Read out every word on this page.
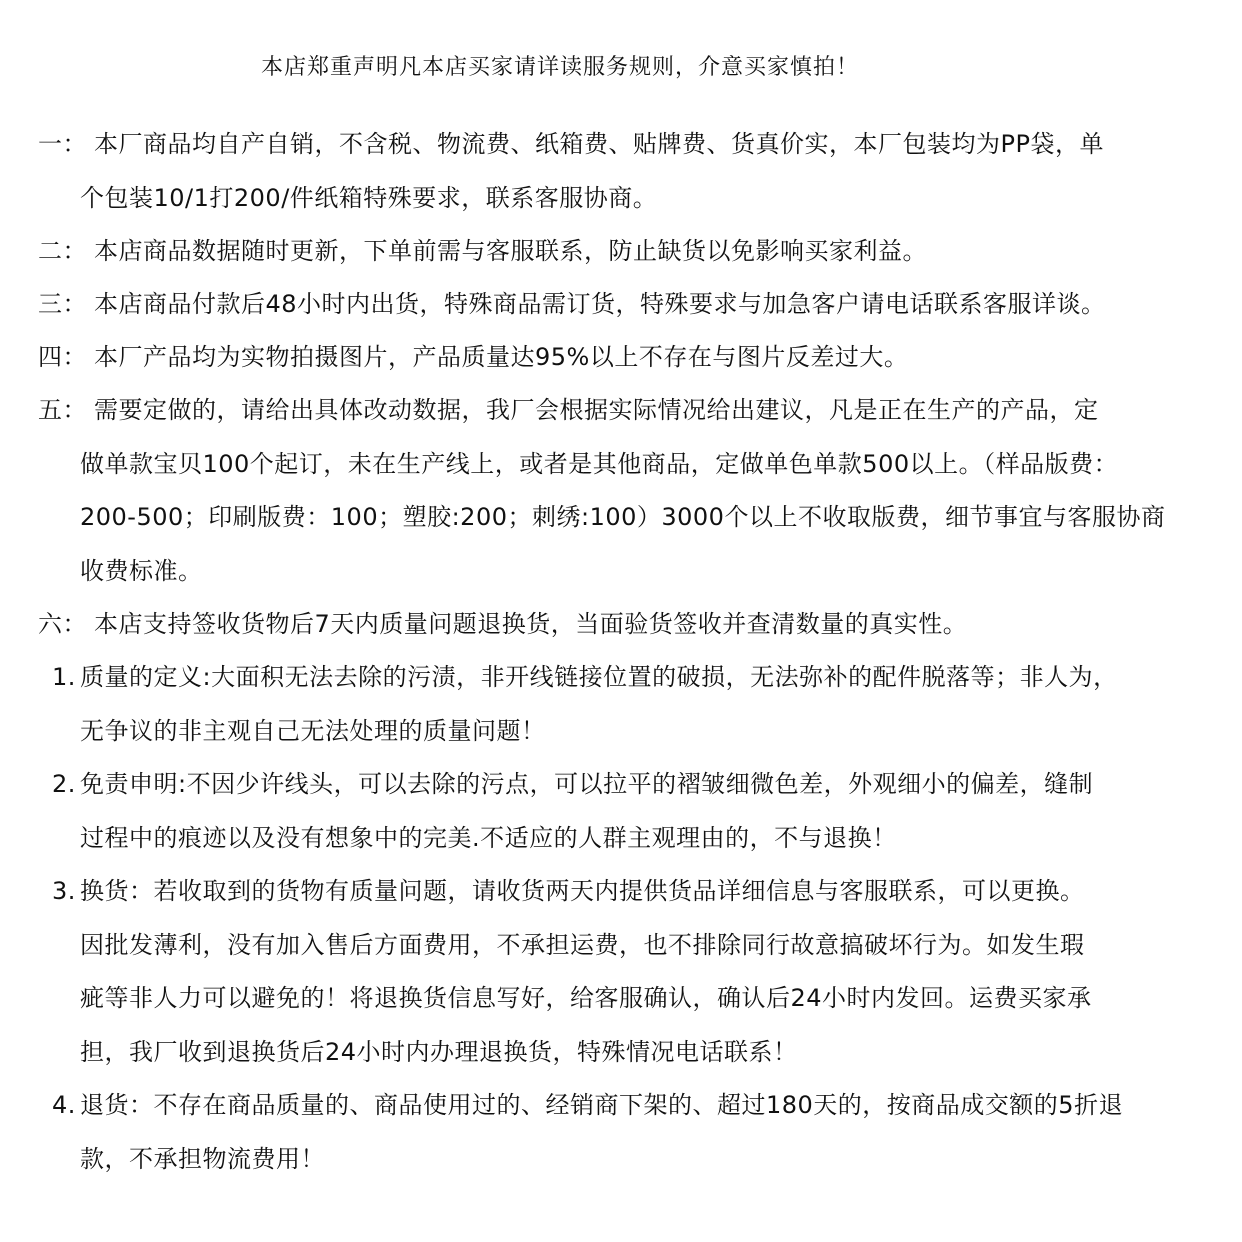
本店郑重声明凡本店买家请详读服务规则，介意买家慎拍！
一： 本厂商品均自产自销，不含税、物流费、纸箱费、贴牌费、货真价实，本厂包装均为PP袋，单
个包装10/1打200/件纸箱特殊要求，联系客服协商。
二： 本店商品数据随时更新，下单前需与客服联系，防止缺货以免影响买家利益。
三： 本店商品付款后48小时内出货，特殊商品需订货，特殊要求与加急客户请电话联系客服详谈。
四： 本厂产品均为实物拍摄图片，产品质量达95%以上不存在与图片反差过大。
五： 需要定做的，请给出具体改动数据，我厂会根据实际情况给出建议，凡是正在生产的产品，定
做单款宝贝100个起订，未在生产线上，或者是其他商品，定做单色单款500以上。（样品版费：
200-500；印刷版费：100；塑胶:200；刺绣:100）3000个以上不收取版费，细节事宜与客服协商
收费标准。
六： 本店支持签收货物后7天内质量问题退换货，当面验货签收并查清数量的真实性。
1. 质量的定义:大面积无法去除的污渍，非开线链接位置的破损，无法弥补的配件脱落等；非人为，
无争议的非主观自己无法处理的质量问题！
2. 免责申明:不因少许线头，可以去除的污点，可以拉平的褶皱细微色差，外观细小的偏差，缝制
过程中的痕迹以及没有想象中的完美.不适应的人群主观理由的，不与退换！
3. 换货：若收取到的货物有质量问题，请收货两天内提供货品详细信息与客服联系，可以更换。
因批发薄利，没有加入售后方面费用，不承担运费，也不排除同行故意搞破坏行为。如发生瑕
疵等非人力可以避免的！将退换货信息写好，给客服确认，确认后24小时内发回。运费买家承
担，我厂收到退换货后24小时内办理退换货，特殊情况电话联系！
4. 退货：不存在商品质量的、商品使用过的、经销商下架的、超过180天的，按商品成交额的5折退
款，不承担物流费用！
